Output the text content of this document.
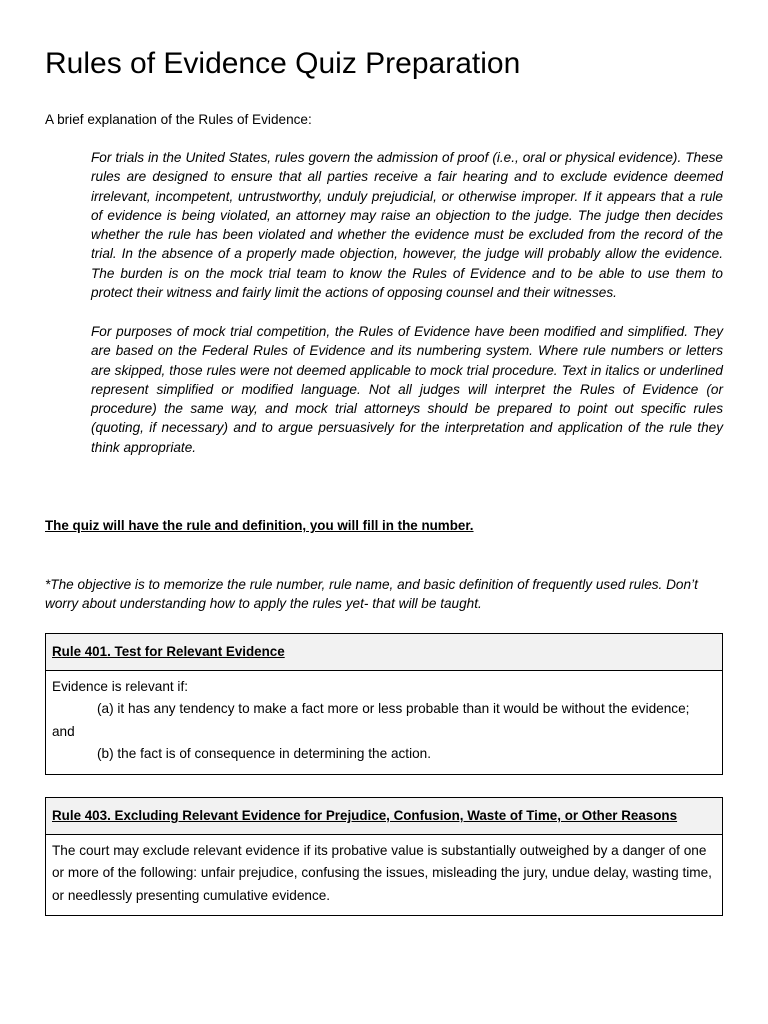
Rules of Evidence Quiz Preparation
A brief explanation of the Rules of Evidence:

For trials in the United States, rules govern the admission of proof (i.e., oral or physical evidence). These rules are designed to ensure that all parties receive a fair hearing and to exclude evidence deemed irrelevant, incompetent, untrustworthy, unduly prejudicial, or otherwise improper. If it appears that a rule of evidence is being violated, an attorney may raise an objection to the judge. The judge then decides whether the rule has been violated and whether the evidence must be excluded from the record of the trial. In the absence of a properly made objection, however, the judge will probably allow the evidence. The burden is on the mock trial team to know the Rules of Evidence and to be able to use them to protect their witness and fairly limit the actions of opposing counsel and their witnesses.

For purposes of mock trial competition, the Rules of Evidence have been modified and simplified. They are based on the Federal Rules of Evidence and its numbering system. Where rule numbers or letters are skipped, those rules were not deemed applicable to mock trial procedure. Text in italics or underlined represent simplified or modified language. Not all judges will interpret the Rules of Evidence (or procedure) the same way, and mock trial attorneys should be prepared to point out specific rules (quoting, if necessary) and to argue persuasively for the interpretation and application of the rule they think appropriate.

The quiz will have the rule and definition, you will fill in the number.

*The objective is to memorize the rule number, rule name, and basic definition of frequently used rules. Don’t worry about understanding how to apply the rules yet- that will be taught.

Rule 401. Test for Relevant Evidence
Evidence is relevant if:
(a) it has any tendency to make a fact more or less probable than it would be without the evidence;
and
(b) the fact is of consequence in determining the action.
Rule 403. Excluding Relevant Evidence for Prejudice, Confusion, Waste of Time, or Other Reasons
The court may exclude relevant evidence if its probative value is substantially outweighed by a danger of one or more of the following: unfair prejudice, confusing the issues, misleading the jury, undue delay, wasting time, or needlessly presenting cumulative evidence.
